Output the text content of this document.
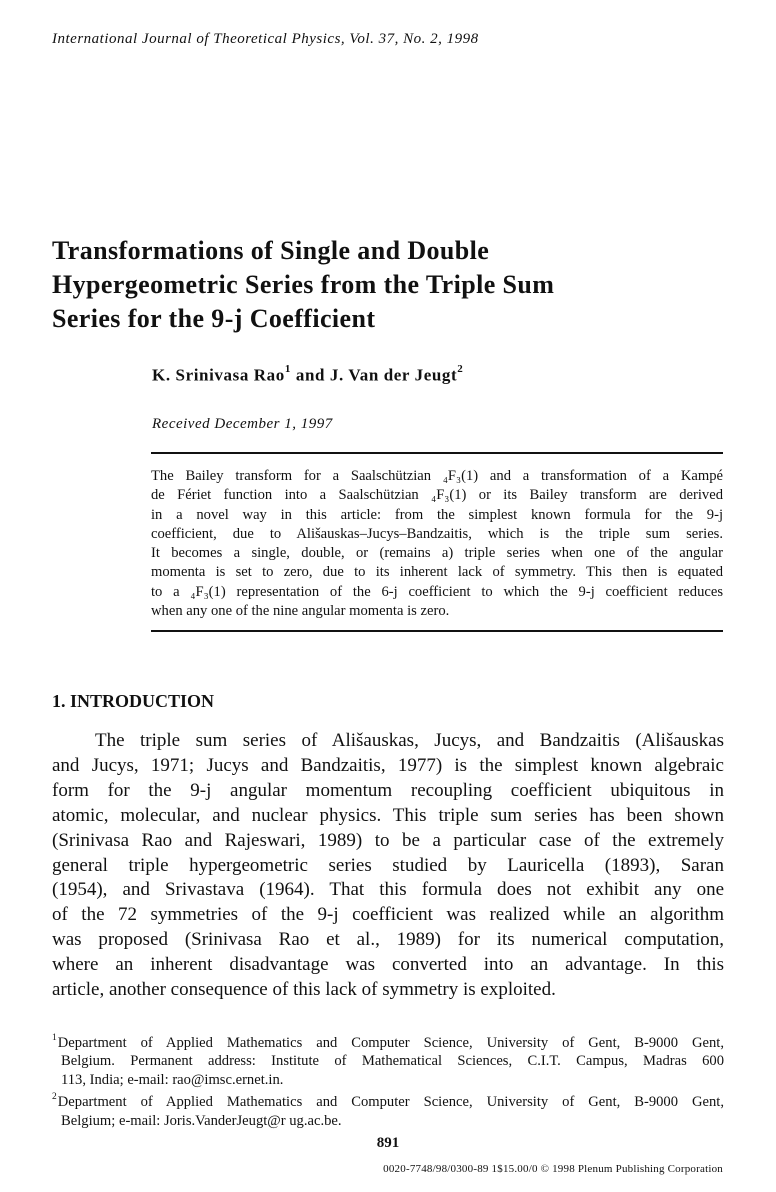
International Journal of Theoretical Physics, Vol. 37, No. 2, 1998
Transformations of Single and Double
Hypergeometric Series from the Triple Sum
Series for the 9-j Coefficient
K. Srinivasa Rao$^1$ and J. Van der Jeugt$^2$
Received December 1, 1997
The Bailey transform for a Saalschützian ₄F₃(1) and a transformation of a Kampé
de Fériet function into a Saalschützian ₄F₃(1) or its Bailey transform are derived
in a novel way in this article: from the simplest known formula for the 9-j
coefficient, due to Ališauskas–Jucys–Bandzaitis, which is the triple sum series.
It becomes a single, double, or (remains a) triple series when one of the angular
momenta is set to zero, due to its inherent lack of symmetry. This then is equated
to a ₄F₃(1) representation of the 6-j coefficient to which the 9-j coefficient reduces
when any one of the nine angular momenta is zero.
1. INTRODUCTION
The triple sum series of Ališauskas, Jucys, and Bandzaitis (Ališauskas
and Jucys, 1971; Jucys and Bandzaitis, 1977) is the simplest known algebraic
form for the 9-j angular momentum recoupling coefficient ubiquitous in
atomic, molecular, and nuclear physics. This triple sum series has been shown
(Srinivasa Rao and Rajeswari, 1989) to be a particular case of the extremely
general triple hypergeometric series studied by Lauricella (1893), Saran
(1954), and Srivastava (1964). That this formula does not exhibit any one
of the 72 symmetries of the 9-j coefficient was realized while an algorithm
was proposed (Srinivasa Rao et al., 1989) for its numerical computation,
where an inherent disadvantage was converted into an advantage. In this
article, another consequence of this lack of symmetry is exploited.
$^1$Department of Applied Mathematics and Computer Science, University of Gent, B-9000 Gent,
Belgium. Permanent address: Institute of Mathematical Sciences, C.I.T. Campus, Madras 600
113, India; e-mail: rao@imsc.ernet.in.
$^2$Department of Applied Mathematics and Computer Science, University of Gent, B-9000 Gent,
Belgium; e-mail: Joris.VanderJeugt@r ug.ac.be.
891
0020-7748/98/0300-89 1$15.00/0 © 1998 Plenum Publishing Corporation
